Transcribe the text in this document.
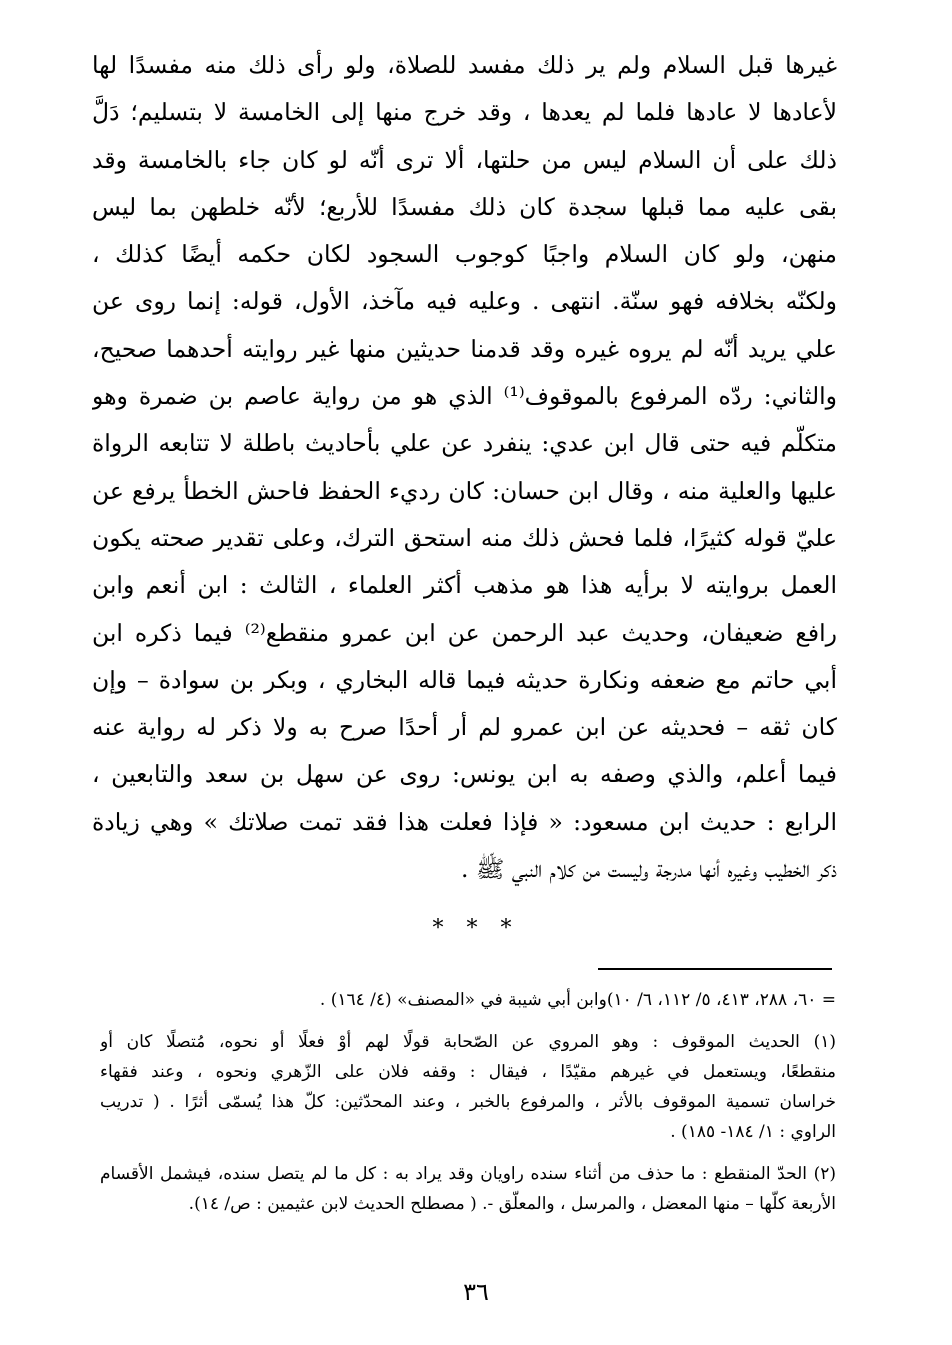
غيرها قبل السلام ولم ير ذلك مفسد للصلاة، ولو رأى ذلك منه مفسدًا لها
لأعادها لا عادها فلما لم يعدها ، وقد خرج منها إلى الخامسة لا بتسليم؛ دَلَّ
ذلك على أن السلام ليس من حلتها، ألا ترى أنّه لو كان جاء بالخامسة وقد
بقى عليه مما قبلها سجدة كان ذلك مفسدًا للأربع؛ لأنّه خلطهن بما ليس
منهن، ولو كان السلام واجبًا كوجوب السجود لكان حكمه أيضًا كذلك ،
ولكنّه بخلافه فهو سنّة. انتهى . وعليه فيه مآخذ، الأول، قوله: إنما روى عن
علي يريد أنّه لم يروه غيره وقد قدمنا حديثين منها غير روايته أحدهما صحيح،
والثاني: ردّه المرفوع بالموقوف⁽¹⁾ الذي هو من رواية عاصم بن ضمرة وهو
متكلّم فيه حتى قال ابن عدي: ينفرد عن علي بأحاديث باطلة لا تتابعه الرواة
عليها والعلية منه ، وقال ابن حسان: كان رديء الحفظ فاحش الخطأ يرفع عن
عليّ قوله كثيرًا، فلما فحش ذلك منه استحق الترك، وعلى تقدير صحته يكون
العمل بروايته لا برأيه هذا هو مذهب أكثر العلماء ، الثالث : ابن أنعم وابن
رافع ضعيفان، وحديث عبد الرحمن عن ابن عمرو منقطع⁽²⁾ فيما ذكره ابن
أبي حاتم مع ضعفه ونكارة حديثه فيما قاله البخاري ، وبكر بن سوادة – وإن
كان ثقه – فحديثه عن ابن عمرو لم أر أحدًا صرح به ولا ذكر له رواية عنه
فيما أعلم، والذي وصفه به ابن يونس: روى عن سهل بن سعد والتابعين ،
الرابع : حديث ابن مسعود: « فإذا فعلت هذا فقد تمت صلاتك » وهي زيادة
ذكر الخطيب وغيره أنها مدرجة وليست من كلام النبي ﷺ .
* * *
= ٦٠، ٢٨٨، ٤١٣، ٥/ ١١٢، ٦/ ١٠)وابن أبي شيبة في «المصنف» (٤/ ١٦٤) .
(١) الحديث الموقوف : وهو المروي عن الصّحابة قولًا لهم أوْ فعلًا أو نحوه، مُتصلًا كان أو
منقطعًا، ويستعمل في غيرهم مقيّدًا ، فيقال : وقفه فلان على الزّهري ونحوه ، وعند فقهاء
خراسان تسمية الموقوف بالأثر ، والمرفوع بالخبر ، وعند المحدّثين: كلّ هذا يُسمّى أثرًا . ( تدريب
الراوي : ١/ ١٨٤- ١٨٥) .
(٢) الحدّ المنقطع : ما حذف من أثناء سنده راويان وقد يراد به : كل ما لم يتصل سنده، فيشمل الأقسام
الأربعة كلّها – منها المعضل ، والمرسل ، والمعلّق -. ( مصطلح الحديث لابن عثيمين : ص/ ١٤).
٣٦
